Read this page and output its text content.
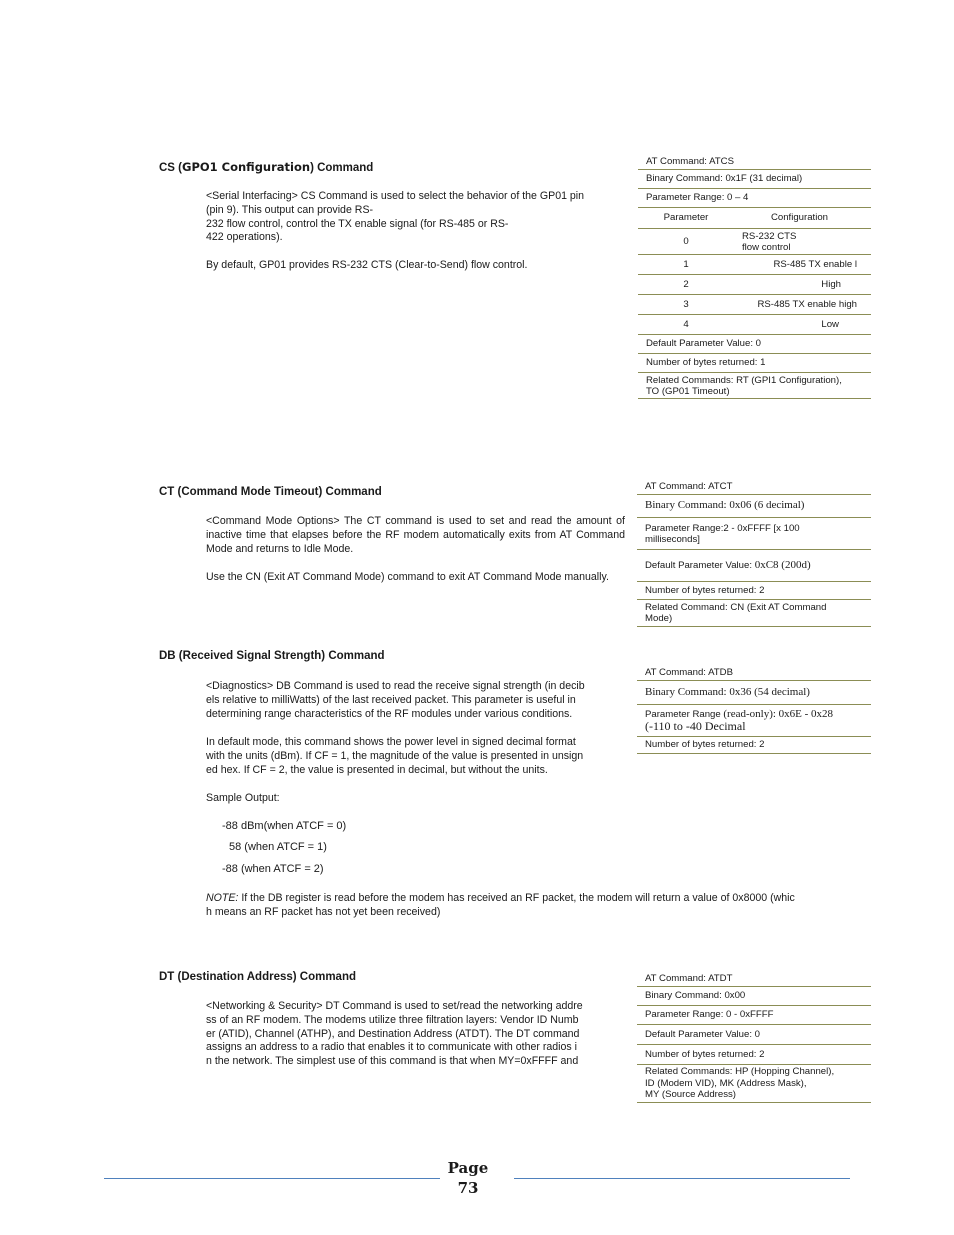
CS (GPO1 Configuration) Command
<Serial Interfacing> CS Command is used to select the behavior of the GP01 pin
(pin 9). This output can provide RS-
232 flow control, control the TX enable signal (for RS-485 or RS-
422 operations).
By default, GP01 provides RS-232 CTS (Clear-to-Send) flow control.
AT Command: ATCS
Binary Command: 0x1F (31 decimal)
Parameter Range: 0 – 4
Parameter	Configuration
0	RS-232 CTS
flow control
1	RS-485 TX enable l
2	High
3	RS-485 TX enable high
4	Low
Default Parameter Value: 0
Number of bytes returned: 1
Related Commands: RT (GPI1 Configuration),
TO (GP01 Timeout)
CT (Command Mode Timeout) Command
<Command Mode Options> The CT command is used to set and read the amount of inactive time that elapses before the RF modem automatically exits from AT Command Mode and returns to Idle Mode.
Use the CN (Exit AT Command Mode) command to exit AT Command Mode manually.
AT Command: ATCT
Binary Command: 0x06 (6 decimal)
Parameter Range:2 - 0xFFFF [x 100
milliseconds]
Default Parameter Value:
0xC8 (200d)
Number of bytes returned: 2
Related Command: CN (Exit AT Command
Mode)
DB (Received Signal Strength) Command
<Diagnostics> DB Command is used to read the receive signal strength (in decib
els relative to milliWatts) of the last received packet. This parameter is useful in
determining range characteristics of the RF modules under various conditions.
In default mode, this command shows the power level in signed decimal format
with the units (dBm). If CF = 1, the magnitude of the value is presented in unsign
ed hex. If CF = 2, the value is presented in decimal, but without the units.
Sample Output:
-88 dBm(when ATCF = 0)
58 (when ATCF = 1)
-88 (when ATCF = 2)
NOTE: If the DB register is read before the modem has received an RF packet, the modem will return a value of 0x8000 (whic
h means an RF packet has not yet been received)
AT Command: ATDB
Binary Command: 0x36 (54 decimal)
Parameter Range (read-only): 0x6E - 0x28
(-110 to -40 Decimal
Number of bytes returned: 2
DT (Destination Address) Command
<Networking & Security> DT Command is used to set/read the networking addre
ss of an RF modem. The modems utilize three filtration layers: Vendor ID Numb
er (ATID), Channel (ATHP), and Destination Address (ATDT). The DT command
assigns an address to a radio that enables it to communicate with other radios i
n the network. The simplest use of this command is that when MY=0xFFFF and
AT Command: ATDT
Binary Command: 0x00
Parameter Range: 0 - 0xFFFF
Default Parameter Value: 0
Number of bytes returned: 2
Related Commands: HP (Hopping Channel),
ID (Modem VID), MK (Address Mask),
MY (Source Address)
Page
73
